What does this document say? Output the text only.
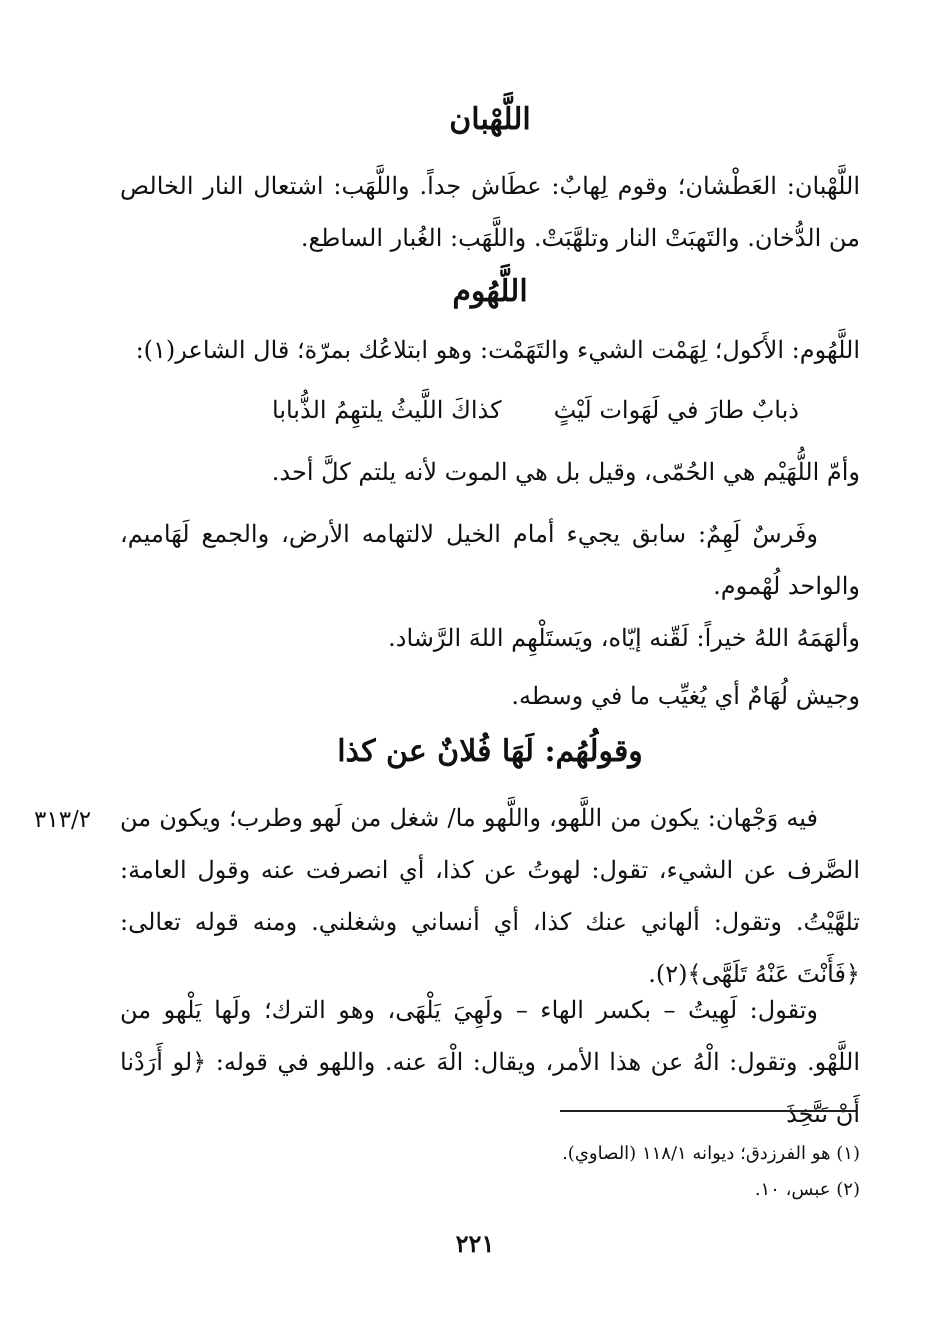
اللَّهْبان
اللَّهْبان: العَطْشان؛ وقوم لِهابٌ: عطَاش جداً. واللَّهَب: اشتعال النار الخالص من الدُّخان. والتَهبَتْ النار وتلهَّبَتْ. واللَّهَب: الغُبار الساطع.
اللَّهُوم
اللَّهُوم: الأَكول؛ لِهَمْت الشيء والتَهَمْت: وهو ابتلاعُك بمرّة؛ قال الشاعر(١):
ذبابٌ طارَ في لَهَوات لَيْثٍ
كذاكَ اللَّيثُ يلتهِمُ الذُّبابا
وأمّ اللُّهَيْم هي الحُمّى، وقيل بل هي الموت لأنه يلتم كلَّ أحد.
وفَرسٌ لَهِمٌ: سابق يجيء أمام الخيل لالتهامه الأرض، والجمع لَهَاميم، والواحد لُهْموم.
وألهَمَهُ اللهُ خيراً: لَقّنه إيّاه، ويَستَلْهِم اللهَ الرَّشاد.
وجيش لُهَامٌ أي يُغيِّب ما في وسطه.
وقولُهُم: لَهَا فُلانٌ عن كذا
فيه وَجْهان: يكون من اللَّهو، واللَّهو ما/ شغل من لَهو وطرب؛ ويكون من الصَّرف عن الشيء، تقول: لهوتُ عن كذا، أي انصرفت عنه وقول العامة: تلهَّيْتُ. وتقول: ألهاني عنك كذا، أي أنساني وشغلني. ومنه قوله تعالى: ﴿فَأَنْتَ عَنْهُ تَلَهَّى﴾(٢).
وتقول: لَهِيتُ – بكسر الهاء – ولَهِيَ يَلْهَى، وهو الترك؛ ولَها يَلْهو من اللَّهْو. وتقول: الْهُ عن هذا الأمر، ويقال: الْهَ عنه. واللهو في قوله: ﴿لو أَرَدْنا أَنْ نَتَّخِذَ
٣١٣/٢
(١) هو الفرزدق؛ ديوانه ١١٨/١ (الصاوي).
(٢) عبس، ١٠.
٢٢١
